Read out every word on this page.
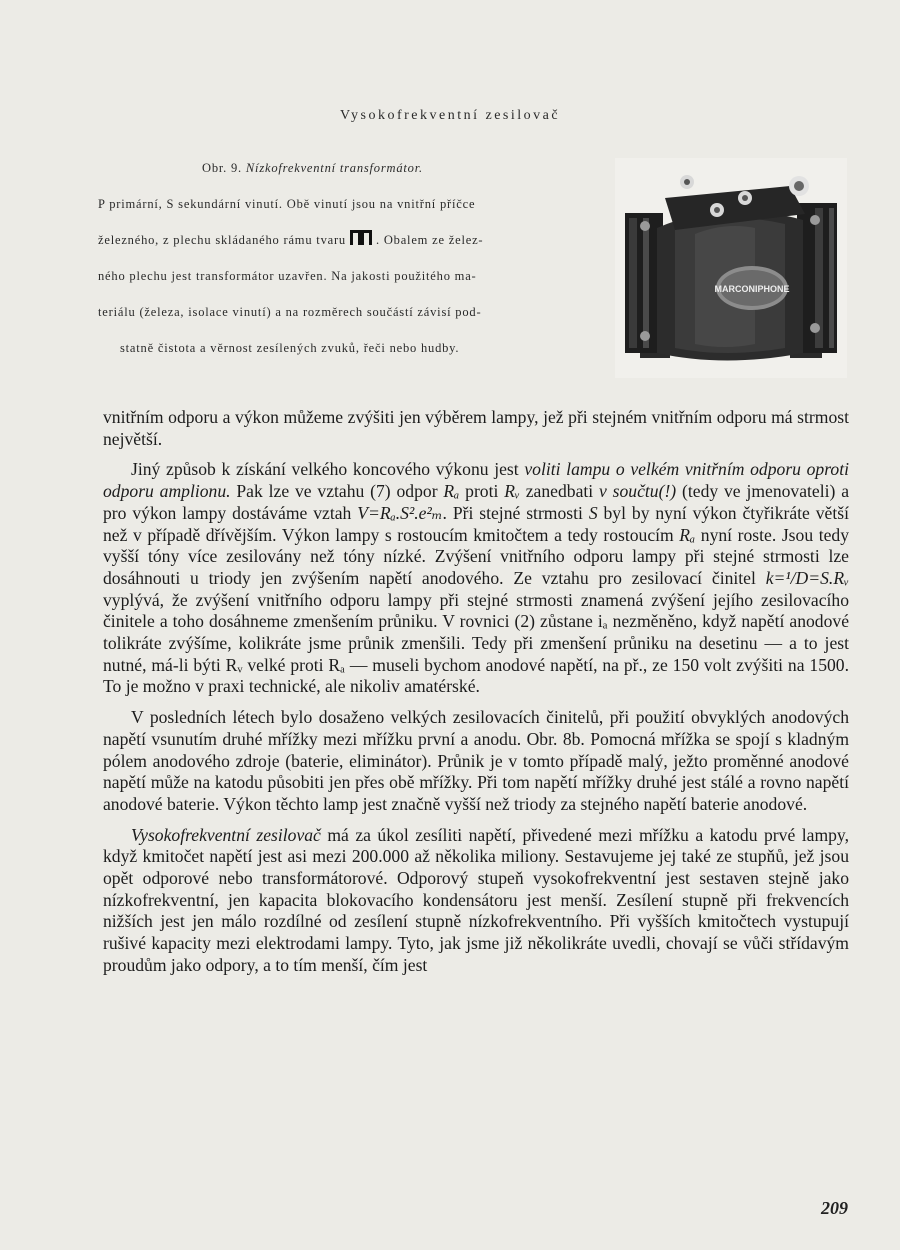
Vysokofrekventní zesilovač
Obr. 9. Nízkofrekventní transformátor.
P primární, S sekundární vinutí. Obě vinutí jsou na vnitřní příčce
železného, z plechu skládaného rámu tvaru . Obalem ze želez-
ného plechu jest transformátor uzavřen. Na jakosti použitého ma-
teriálu (železa, isolace vinutí) a na rozměrech součástí závisí pod-
statně čistota a věrnost zesílených zvuků, řeči nebo hudby.
MARCONIPHONE

vnitřním odporu a výkon můžeme zvýšiti jen výběrem lampy, jež při stejném vnitřním odporu má strmost největší.

Jiný způsob k získání velkého koncového výkonu jest voliti lampu o velkém vnitřním odporu oproti odporu amplionu. Pak lze ve vztahu (7) odpor Rₐ proti Rᵥ zanedbati v součtu(!) (tedy ve jmenovateli) a pro výkon lampy dostáváme vztah V=Rₐ.S².e²ₘ. Při stejné strmosti S byl by nyní výkon čtyřikráte větší než v případě dřívějším. Výkon lampy s rostoucím kmitočtem a tedy rostoucím Rₐ nyní roste. Jsou tedy vyšší tóny více zesilovány než tóny nízké. Zvýšení vnitřního odporu lampy při stejné strmosti lze dosáhnouti u triody jen zvýšením napětí anodového. Ze vztahu pro zesilovací činitel k=¹/D=S.Rᵥ vyplývá, že zvýšení vnitřního odporu lampy při stejné strmosti znamená zvýšení jejího zesilovacího činitele a toho dosáhneme zmenšením průniku. V rovnici (2) zůstane iₐ nezměněno, když napětí anodové tolikráte zvýšíme, kolikráte jsme průnik zmenšili. Tedy při zmenšení průniku na desetinu — a to jest nutné, má-li býti Rᵥ velké proti Rₐ — museli bychom anodové napětí, na př., ze 150 volt zvýšiti na 1500. To je možno v praxi technické, ale nikoliv amatérské.

V posledních létech bylo dosaženo velkých zesilovacích činitelů, při použití obvyklých anodových napětí vsunutím druhé mřížky mezi mřížku první a anodu. Obr. 8b. Pomocná mřížka se spojí s kladným pólem anodového zdroje (baterie, eliminátor). Průnik je v tomto případě malý, ježto proměnné anodové napětí může na katodu působiti jen přes obě mřížky. Při tom napětí mřížky druhé jest stálé a rovno napětí anodové baterie. Výkon těchto lamp jest značně vyšší než triody za stejného napětí baterie anodové.

Vysokofrekventní zesilovač má za úkol zesíliti napětí, přivedené mezi mřížku a katodu prvé lampy, když kmitočet napětí jest asi mezi 200.000 až několika miliony. Sestavujeme jej také ze stupňů, jež jsou opět odporové nebo transformátorové. Odporový stupeň vysokofrekventní jest sestaven stejně jako nízkofrekventní, jen kapacita blokovacího kondensátoru jest menší. Zesílení stupně při frekvencích nižších jest jen málo rozdílné od zesílení stupně nízkofrekventního. Při vyšších kmitočtech vystupují rušivé kapacity mezi elektrodami lampy. Tyto, jak jsme již několikráte uvedli, chovají se vůči střídavým proudům jako odpory, a to tím menší, čím jest

209
